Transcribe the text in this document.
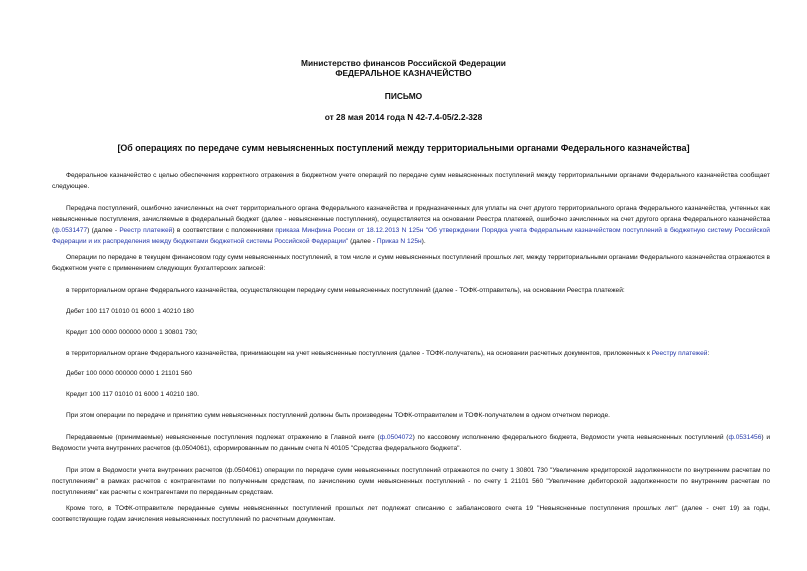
Министерство финансов Российской Федерации
ФЕДЕРАЛЬНОЕ КАЗНАЧЕЙСТВО
ПИСЬМО
от 28 мая 2014 года N 42-7.4-05/2.2-328
[Об операциях по передаче сумм невыясненных поступлений между территориальными органами Федерального казначейства]

Федеральное казначейство с целью обеспечения корректного отражения в бюджетном учете операций по передаче сумм невыясненных поступлений между территориальными органами Федерального казначейства сообщает следующее.

Передача поступлений, ошибочно зачисленных на счет территориального органа Федерального казначейства и предназначенных для уплаты на счет другого территориального органа Федерального казначейства, учтенных как невыясненные поступления, зачисляемые в федеральный бюджет (далее - невыясненные поступления), осуществляется на основании Реестра платежей, ошибочно зачисленных на счет другого органа Федерального казначейства (ф.0531477) (далее - Реестр платежей) в соответствии с положениями приказа Минфина России от 18.12.2013 N 125н "Об утверждении Порядка учета Федеральным казначейством поступлений в бюджетную систему Российской Федерации и их распределения между бюджетами бюджетной системы Российской Федерации" (далее - Приказ N 125н).

Операции по передаче в текущем финансовом году сумм невыясненных поступлений, в том числе и сумм невыясненных поступлений прошлых лет, между территориальными органами Федерального казначейства отражаются в бюджетном учете с применением следующих бухгалтерских записей:

в территориальном органе Федерального казначейства, осуществляющем передачу сумм невыясненных поступлений (далее - ТОФК-отправитель), на основании Реестра платежей:

Дебет 100 117 01010 01 6000 1 40210 180

Кредит 100 0000 000000 0000 1 30801 730;

в территориальном органе Федерального казначейства, принимающем на учет невыясненные поступления (далее - ТОФК-получатель), на основании расчетных документов, приложенных к Реестру платежей:

Дебет 100 0000 000000 0000 1 21101 560

Кредит 100 117 01010 01 6000 1 40210 180.

При этом операции по передаче и принятию сумм невыясненных поступлений должны быть произведены ТОФК-отправителем и ТОФК-получателем в одном отчетном периоде.

Передаваемые (принимаемые) невыясненные поступления подлежат отражению в Главной книге (ф.0504072) по кассовому исполнению федерального бюджета, Ведомости учета невыясненных поступлений (ф.0531456) и Ведомости учета внутренних расчетов (ф.0504061), сформированным по данным счета N 40105 "Средства федерального бюджета".

При этом в Ведомости учета внутренних расчетов (ф.0504061) операции по передаче сумм невыясненных поступлений отражаются по счету 1 30801 730 "Увеличение кредиторской задолженности по внутренним расчетам по поступлениям" в рамках расчетов с контрагентами по полученным средствам, по зачислению сумм невыясненных поступлений - по счету 1 21101 560 "Увеличение дебиторской задолженности по внутренним расчетам по поступлениям" как расчеты с контрагентами по переданным средствам.

Кроме того, в ТОФК-отправителе переданные суммы невыясненных поступлений прошлых лет подлежат списанию с забалансового счета 19 "Невыясненные поступления прошлых лет" (далее - счет 19) за годы, соответствующие годам зачисления невыясненных поступлений по расчетным документам.
